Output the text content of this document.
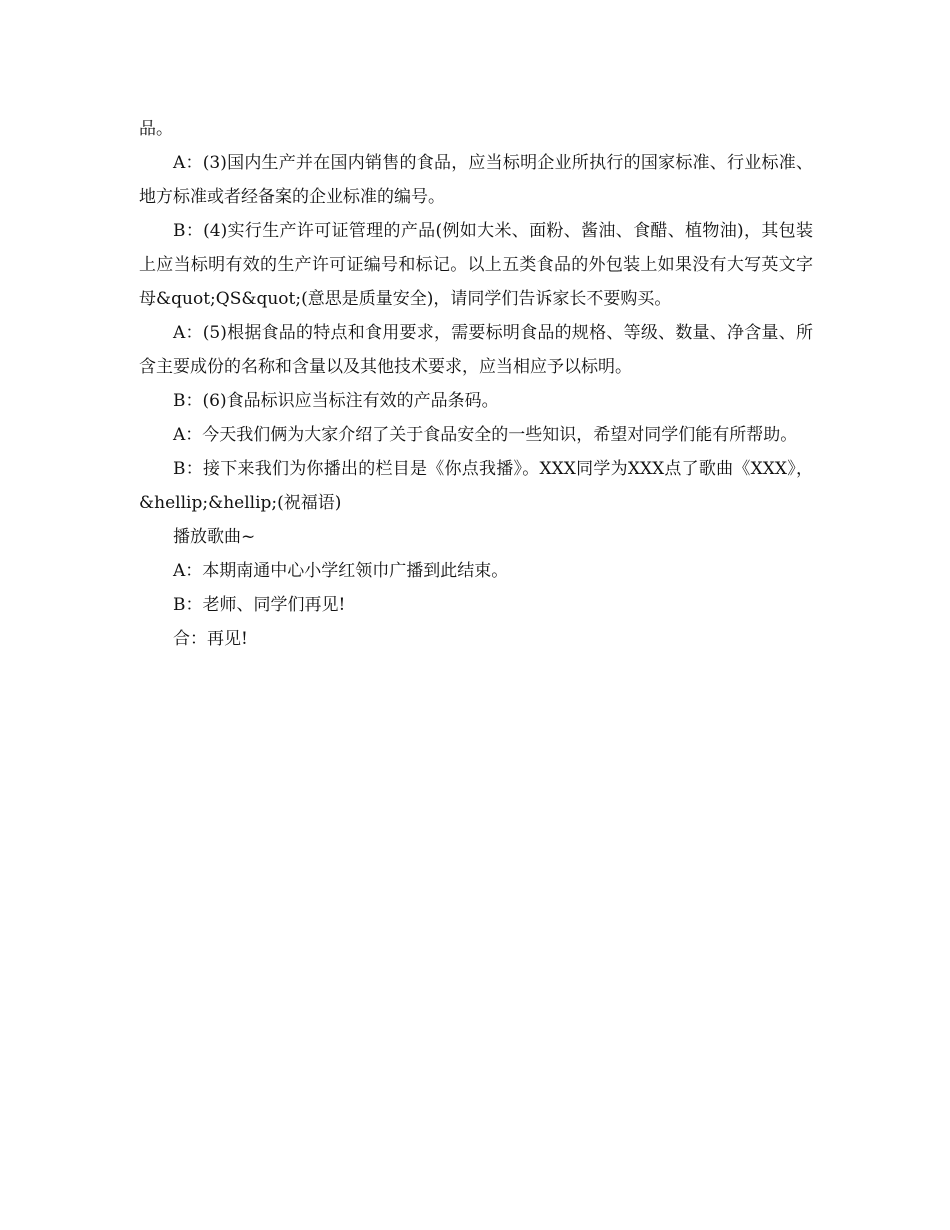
品。

A：(3)国内生产并在国内销售的食品，应当标明企业所执行的国家标准、行业标准、地方标准或者经备案的企业标准的编号。

B：(4)实行生产许可证管理的产品(例如大米、面粉、酱油、食醋、植物油)，其包装上应当标明有效的生产许可证编号和标记。以上五类食品的外包装上如果没有大写英文字母&quot;QS&quot;(意思是质量安全)，请同学们告诉家长不要购买。

A：(5)根据食品的特点和食用要求，需要标明食品的规格、等级、数量、净含量、所含主要成份的名称和含量以及其他技术要求，应当相应予以标明。

B：(6)食品标识应当标注有效的产品条码。

A：今天我们俩为大家介绍了关于食品安全的一些知识，希望对同学们能有所帮助。

B：接下来我们为你播出的栏目是《你点我播》。XXX同学为XXX点了歌曲《XXX》，&hellip;&hellip;(祝福语)

播放歌曲~

A：本期南通中心小学红领巾广播到此结束。

B：老师、同学们再见!

合：再见!
